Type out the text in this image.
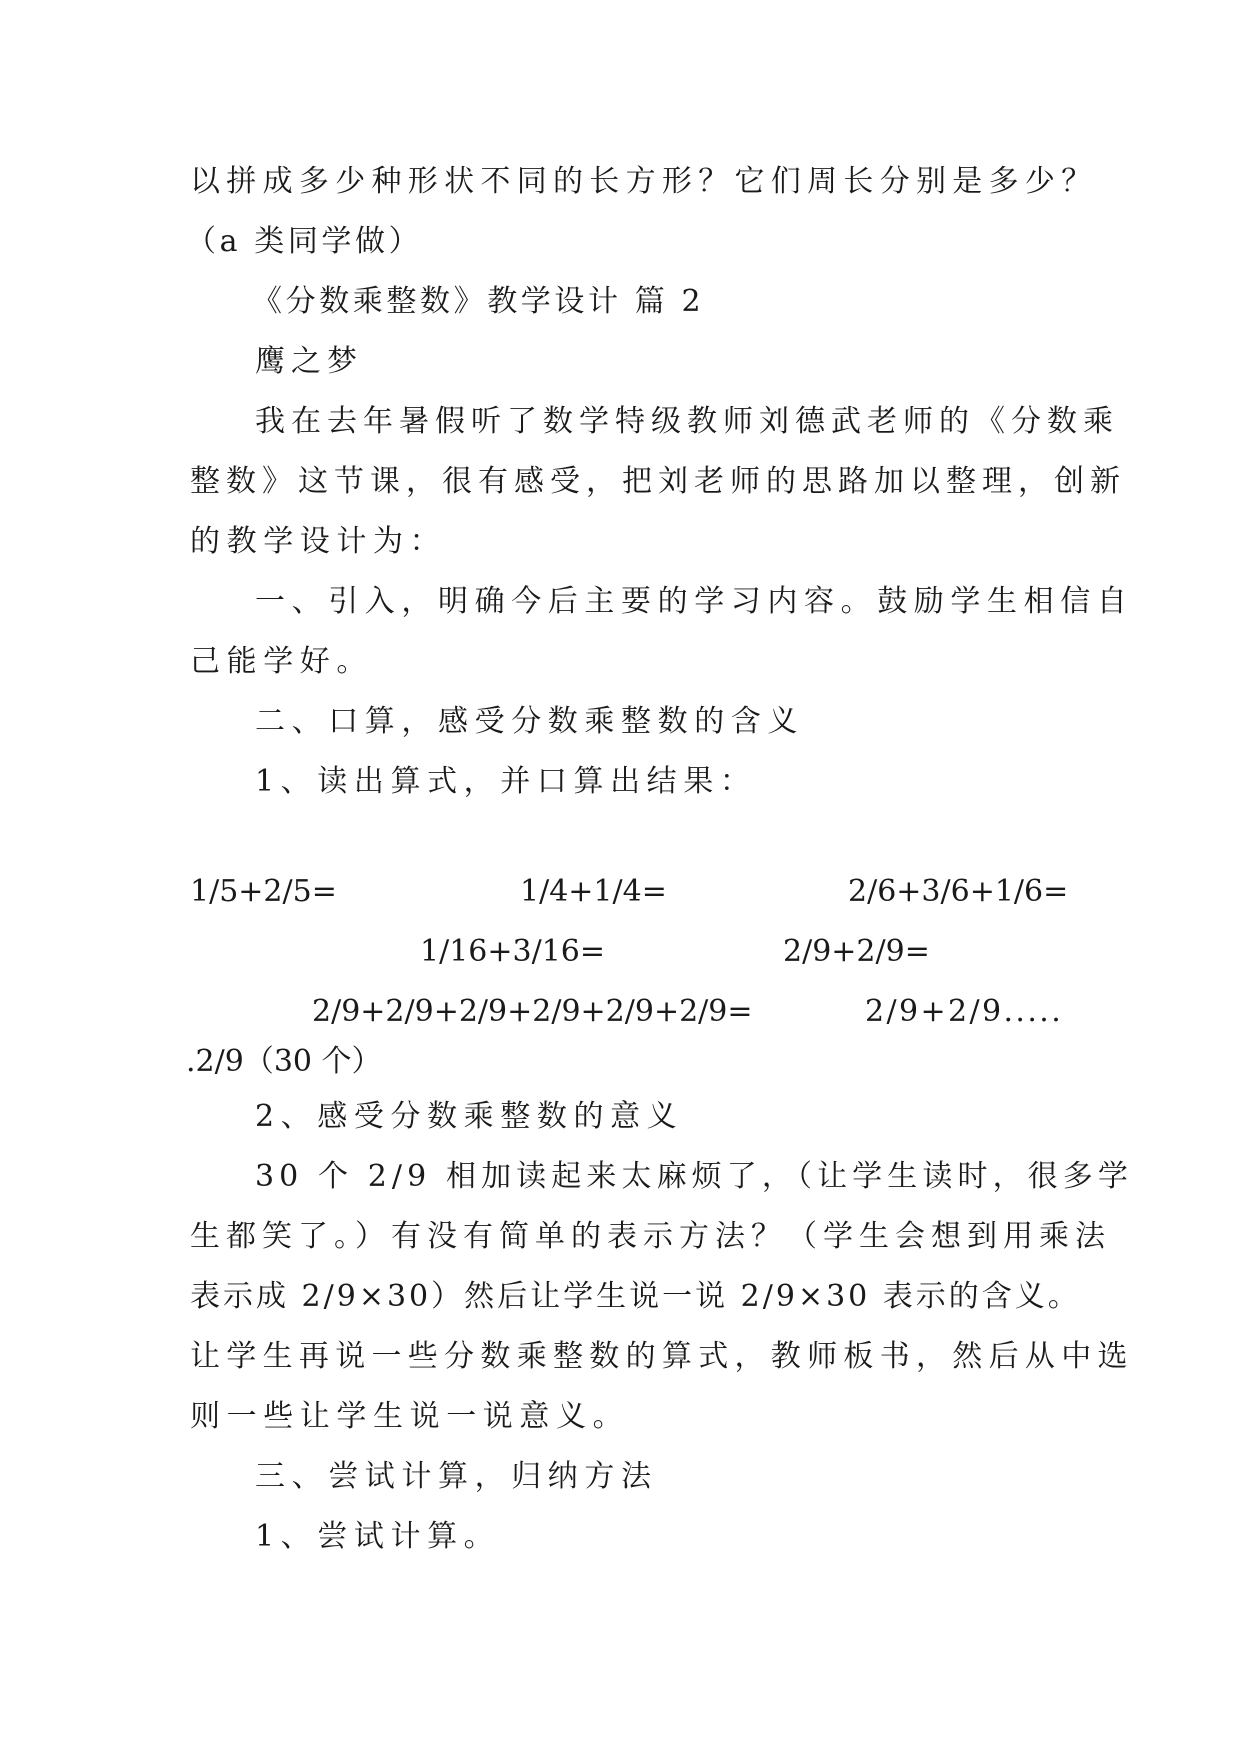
以拼成多少种形状不同的长方形？它们周长分别是多少？
（a 类同学做）
《分数乘整数》教学设计 篇 2
鹰之梦
我在去年暑假听了数学特级教师刘德武老师的《分数乘
整数》这节课，很有感受，把刘老师的思路加以整理，创新
的教学设计为：
一、引入，明确今后主要的学习内容。鼓励学生相信自
己能学好。
二、口算，感受分数乘整数的含义
1、读出算式，并口算出结果：
1/5+2/5=	1/4+1/4=	2/6+3/6+1/6=
1/16+3/16=	2/9+2/9=
2/9+2/9+2/9+2/9+2/9+2/9=	2/9+2/9.....
.2/9（30 个）
2、感受分数乘整数的意义
30 个 2/9 相加读起来太麻烦了，（让学生读时，很多学
生都笑了。）有没有简单的表示方法？（学生会想到用乘法
表示成 2/9×30）然后让学生说一说 2/9×30 表示的含义。
让学生再说一些分数乘整数的算式，教师板书，然后从中选
则一些让学生说一说意义。
三、尝试计算，归纳方法
1、尝试计算。
